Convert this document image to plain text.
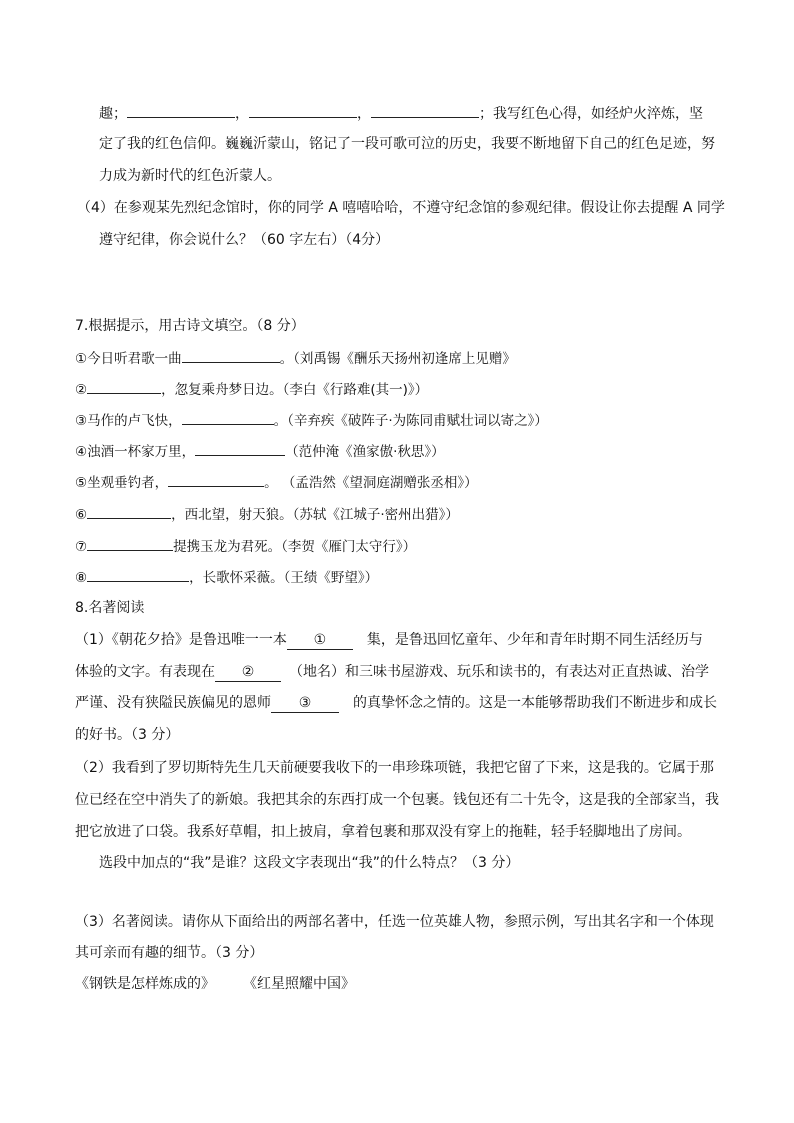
趣；	，	，	；我写红色心得，如经炉火淬炼，坚
定了我的红色信仰。巍巍沂蒙山，铭记了一段可歌可泣的历史，我要不断地留下自己的红色足迹，努
力成为新时代的红色沂蒙人。
（4）在参观某先烈纪念馆时，你的同学 A 嘻嘻哈哈，不遵守纪念馆的参观纪律。假设让你去提醒 A 同学
遵守纪律，你会说什么？（60 字左右）（4分）
7.根据提示，用古诗文填空。（8 分）
①今日听君歌一曲	。（刘禹锡《酬乐天扬州初逢席上见赠》
②	，忽复乘舟梦日边。（李白《行路难(其一)》）
③马作的卢飞快，	。（辛弃疾《破阵子·为陈同甫赋壮词以寄之》）
④浊酒一杯家万里，	（范仲淹《渔家傲·秋思》）
⑤坐观垂钓者，	。 （孟浩然《望洞庭湖赠张丞相》）
⑥	，西北望，射天狼。（苏轼《江城子·密州出猎》）
⑦	提携玉龙为君死。（李贺《雁门太守行》）
⑧	，长歌怀采薇。（王绩《野望》）
8.名著阅读
（1）《朝花夕拾》是鲁迅唯一一本 ①	集，是鲁迅回忆童年、少年和青年时期不同生活经历与
体验的文字。有表现在 ② （地名）和三味书屋游戏、玩乐和读书的，有表达对正直热诚、治学
严谨、没有狭隘民族偏见的恩师 ③	的真挚怀念之情的。这是一本能够帮助我们不断进步和成长
的好书。（3 分）
（2）我看到了罗切斯特先生几天前硬要我收下的一串珍珠项链，我把它留了下来，这是我的。它属于那
位已经在空中消失了的新娘。我把其余的东西打成一个包裹。钱包还有二十先令，这是我的全部家当，我
把它放进了口袋。我系好草帽，扣上披肩，拿着包裹和那双没有穿上的拖鞋，轻手轻脚地出了房间。
选段中加点的“我”是谁？这段文字表现出“我”的什么特点？（3 分）
（3）名著阅读。请你从下面给出的两部名著中，任选一位英雄人物，参照示例，写出其名字和一个体现
其可亲而有趣的细节。（3 分）
《钢铁是怎样炼成的》 《红星照耀中国》
